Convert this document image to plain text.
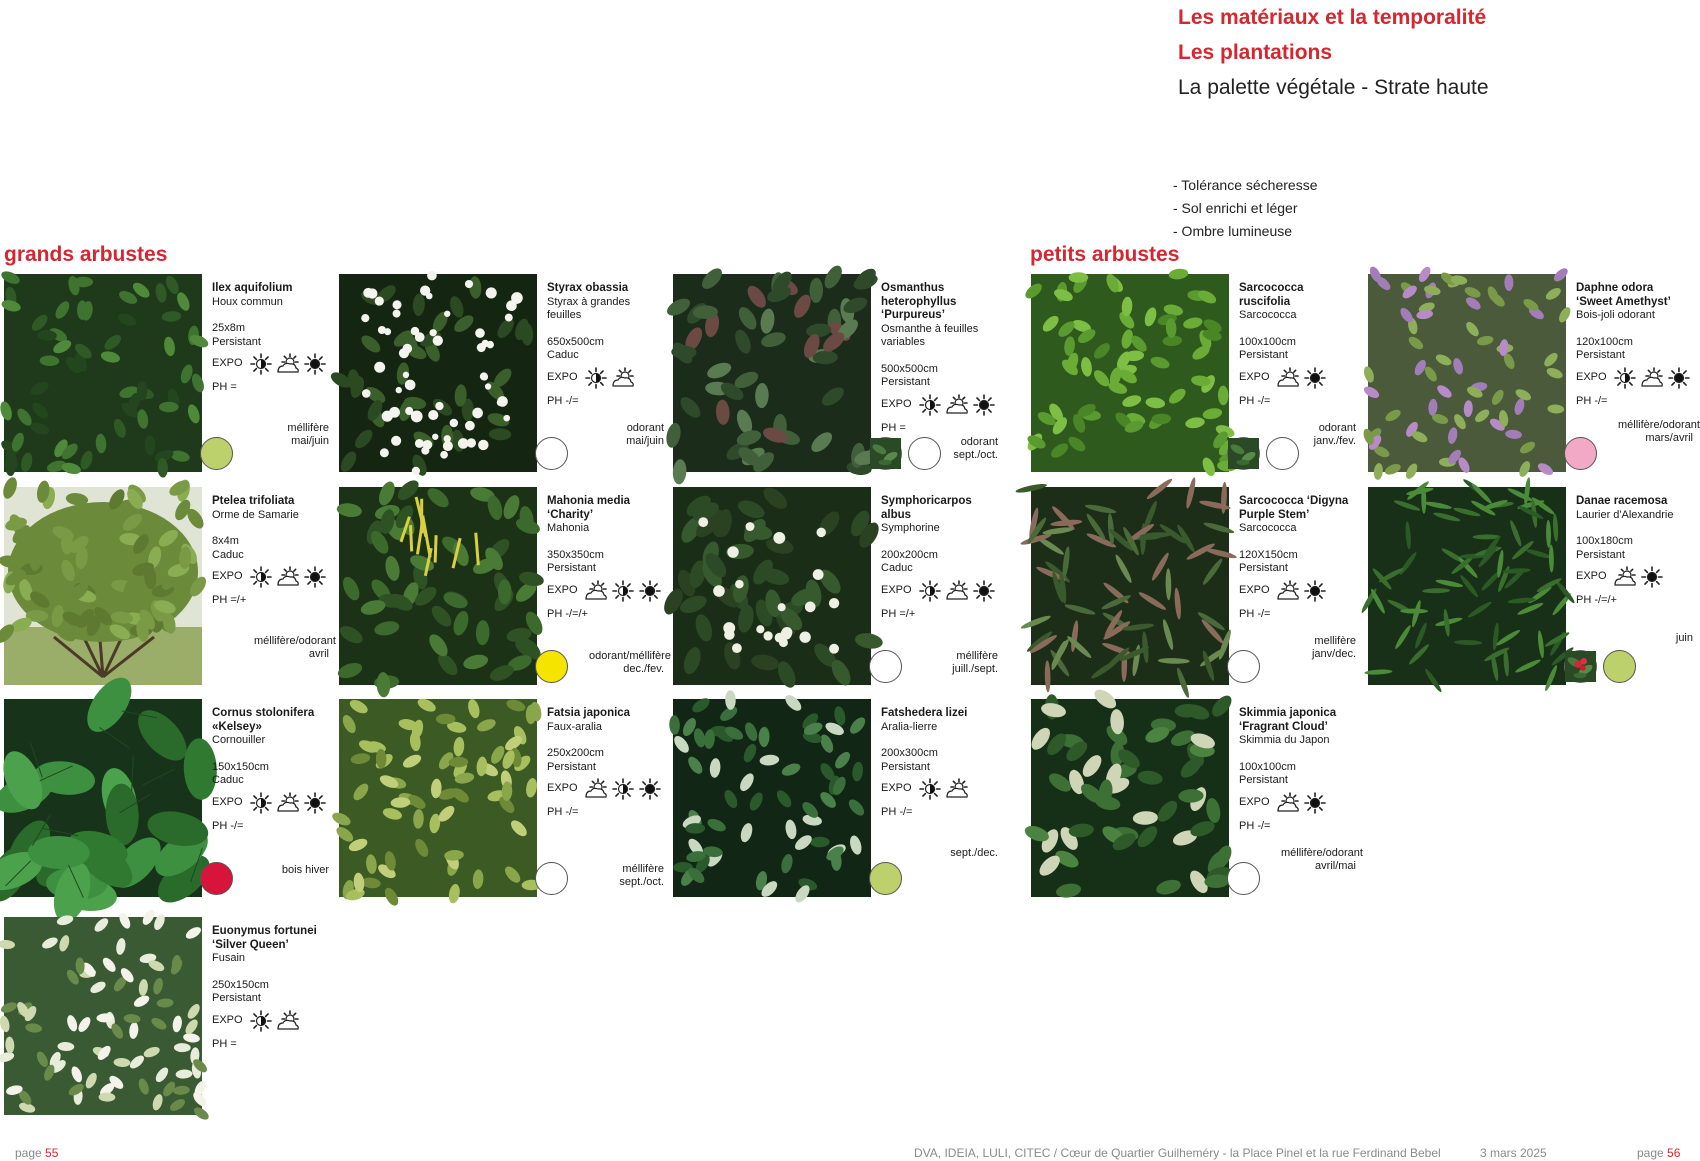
Les matériaux et la temporalité
Les plantations
La palette végétale - Strate haute
- Tolérance sécheresse
- Sol enrichi et léger
- Ombre lumineuse
grands arbustes	petits arbustes
Ilex aquifolium
Houx commun
25x8m
Persistant
EXPO
PH =
méllifère
mai/juin
Styrax obassia
Styrax à grandes feuilles
650x500cm
Caduc
EXPO
PH -/=
odorant
mai/juin
Osmanthus heterophyllus ‘Purpureus’
Osmanthe à feuilles variables
500x500cm
Persistant
EXPO
PH =
odorant
sept./oct.
Ptelea trifoliata
Orme de Samarie
8x4m
Caduc
EXPO
PH =/+
méllifère/odorant
avril
Mahonia media ‘Charity’
Mahonia
350x350cm
Persistant
EXPO
PH -/=/+
odorant/méllifère
dec./fev.
Symphoricarpos albus
Symphorine
200x200cm
Caduc
EXPO
PH =/+
méllifère
juill./sept.
Cornus stolonifera «Kelsey»
Cornouiller
150x150cm
Caduc
EXPO
PH -/=
bois hiver
Fatsia japonica
Faux-aralia
250x200cm
Persistant
EXPO
PH -/=
méllifère
sept./oct.
Fatshedera lizei
Aralia-lierre
200x300cm
Persistant
EXPO
PH -/=
sept./dec.
Euonymus fortunei ‘Silver Queen’
Fusain
250x150cm
Persistant
EXPO
PH =
Sarcococca ruscifolia
Sarcococca
100x100cm
Persistant
EXPO
PH -/=
odorant
janv./fev.
Daphne odora ‘Sweet Amethyst’
Bois-joli odorant
120x100cm
Persistant
EXPO
PH -/=
méllifère/odorant
mars/avril
Sarcococca ‘Digyna Purple Stem’
Sarcococca
120X150cm
Persistant
EXPO
PH -/=
mellifère
janv/dec.
Danae racemosa
Laurier d'Alexandrie
100x180cm
Persistant
EXPO
PH -/=/+
juin
Skimmia japonica ‘Fragrant Cloud’
Skimmia du Japon
100x100cm
Persistant
EXPO
PH -/=
méllifère/odorant
avril/mai
page 55	DVA, IDEIA, LULI, CITEC / Cœur de Quartier Guilheméry - la Place Pinel et la rue Ferdinand Bebel	3 mars 2025	page 56
